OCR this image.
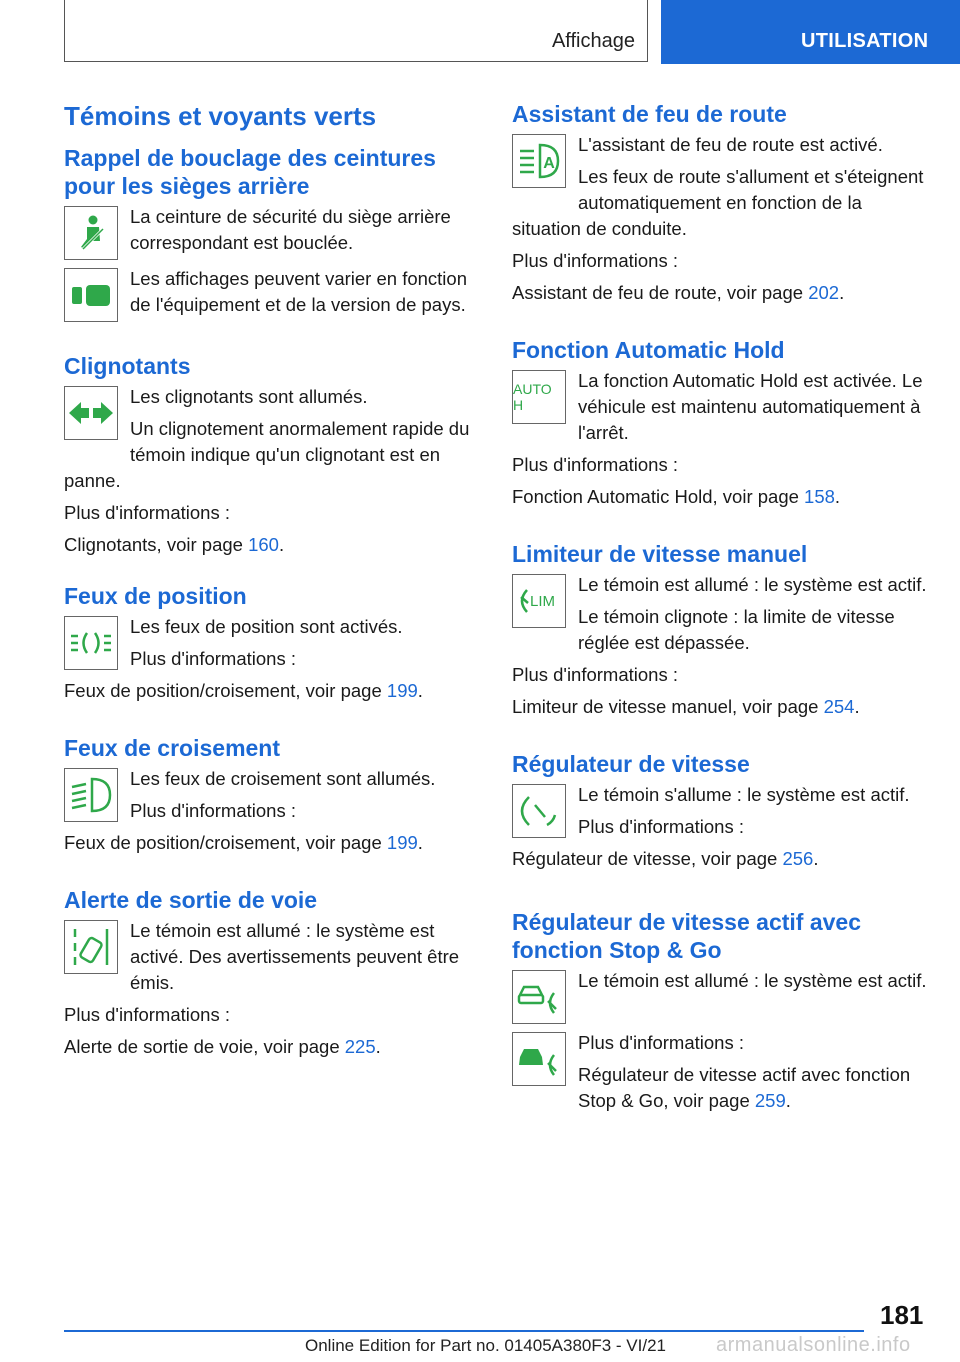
Affichage	UTILISATION
Témoins et voyants verts
Rappel de bouclage des ceintures pour les sièges arrière

La ceinture de sécurité du siège arrière correspondant est bouclée.

Les affichages peuvent varier en fonction de l'équipement et de la version de pays.

Clignotants

Les clignotants sont allumés.

Un clignotement anormalement rapide du témoin indique qu'un clignotant est en panne.

Plus d'informations :

Clignotants, voir page 160.

Feux de position

Les feux de position sont activés.

Plus d'informations :

Feux de position/croisement, voir page 199.

Feux de croisement

Les feux de croisement sont allumés.

Plus d'informations :

Feux de position/croisement, voir page 199.

Alerte de sortie de voie

Le témoin est allumé : le système est activé. Des avertissements peuvent être émis.

Plus d'informations :

Alerte de sortie de voie, voir page 225.

Assistant de feu de route
A

L'assistant de feu de route est activé.

Les feux de route s'allument et s'éteignent automatiquement en fonction de la situation de conduite.

Plus d'informations :

Assistant de feu de route, voir page 202.

Fonction Automatic Hold
AUTO H

La fonction Automatic Hold est activée. Le véhicule est maintenu automatiquement à l'arrêt.

Plus d'informations :

Fonction Automatic Hold, voir page 158.

Limiteur de vitesse manuel
LIM

Le témoin est allumé : le système est actif.

Le témoin clignote : la limite de vitesse réglée est dépassée.

Plus d'informations :

Limiteur de vitesse manuel, voir page 254.

Régulateur de vitesse

Le témoin s'allume : le système est actif.

Plus d'informations :

Régulateur de vitesse, voir page 256.

Régulateur de vitesse actif avec fonction Stop & Go

Le témoin est allumé : le système est actif.

Plus d'informations :

Régulateur de vitesse actif avec fonction Stop & Go, voir page 259.

181
Online Edition for Part no. 01405A380F3 - VI/21 armanualsonline.info
